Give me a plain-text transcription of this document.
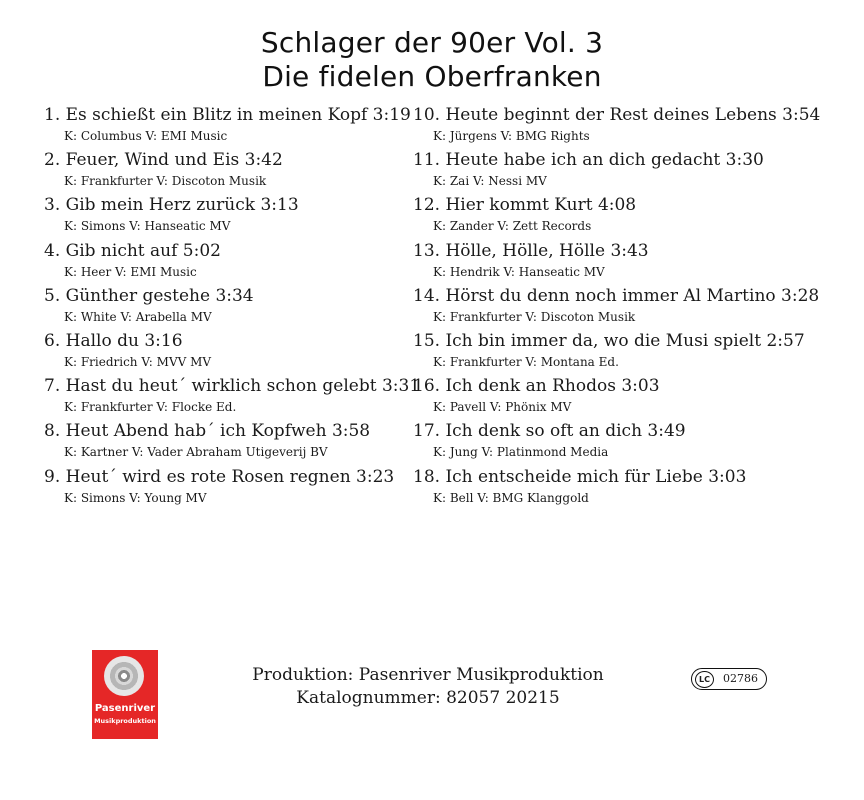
Schlager der 90er Vol. 3
Die fidelen Oberfranken
1. Es schießt ein Blitz in meinen Kopf 3:19
K: Columbus V: EMI Music
2. Feuer, Wind und Eis 3:42
K: Frankfurter V: Discoton Musik
3. Gib mein Herz zurück 3:13
K: Simons V: Hanseatic MV
4. Gib nicht auf 5:02
K: Heer V: EMI Music
5. Günther gestehe 3:34
K: White V: Arabella MV
6. Hallo du 3:16
K: Friedrich V: MVV MV
7. Hast du heut´ wirklich schon gelebt 3:31
K: Frankfurter V: Flocke Ed.
8. Heut Abend hab´ ich Kopfweh 3:58
K: Kartner V: Vader Abraham Utigeverij BV
9. Heut´ wird es rote Rosen regnen 3:23
K: Simons V: Young MV
10. Heute beginnt der Rest deines Lebens 3:54
K: Jürgens V: BMG Rights
11. Heute habe ich an dich gedacht 3:30
K: Zai V: Nessi MV
12. Hier kommt Kurt 4:08
K: Zander V: Zett Records
13. Hölle, Hölle, Hölle 3:43
K: Hendrik V: Hanseatic MV
14. Hörst du denn noch immer Al Martino 3:28
K: Frankfurter V: Discoton Musik
15. Ich bin immer da, wo die Musi spielt 2:57
K: Frankfurter V: Montana Ed.
16. Ich denk an Rhodos 3:03
K: Pavell V: Phönix MV
17. Ich denk so oft an dich 3:49
K: Jung V: Platinmond Media
18. Ich entscheide mich für Liebe 3:03
K: Bell V: BMG Klanggold
Pasenriver
Musikproduktion
Produktion: Pasenriver Musikproduktion
Katalognummer: 82057 20215
LC	02786
